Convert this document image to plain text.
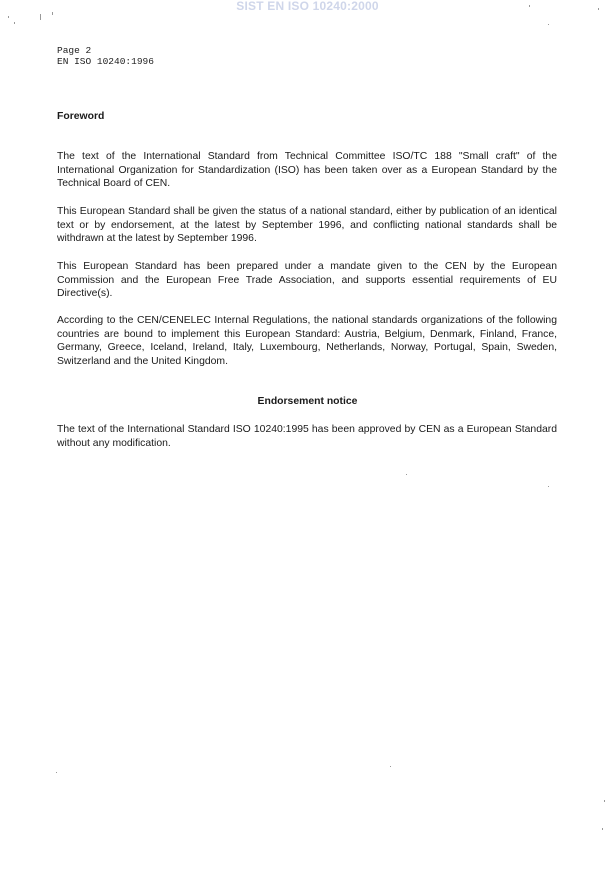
SIST EN ISO 10240:2000
Page 2
EN ISO 10240:1996
Foreword

The text of the International Standard from Technical Committee ISO/TC 188 "Small craft" of the International Organization for Standardization (ISO) has been taken over as a European Standard by the Technical Board of CEN.

This European Standard shall be given the status of a national standard, either by publication of an identical text or by endorsement, at the latest by September 1996, and conflicting national standards shall be withdrawn at the latest by September 1996.

This European Standard has been prepared under a mandate given to the CEN by the European Commission and the European Free Trade Association, and supports essential requirements of EU Directive(s).

According to the CEN/CENELEC Internal Regulations, the national standards organizations of the following countries are bound to implement this European Standard: Austria, Belgium, Denmark, Finland, France, Germany, Greece, Iceland, Ireland, Italy, Luxembourg, Netherlands, Norway, Portugal, Spain, Sweden, Switzerland and the United Kingdom.

Endorsement notice

The text of the International Standard ISO 10240:1995 has been approved by CEN as a European Standard without any modification.
